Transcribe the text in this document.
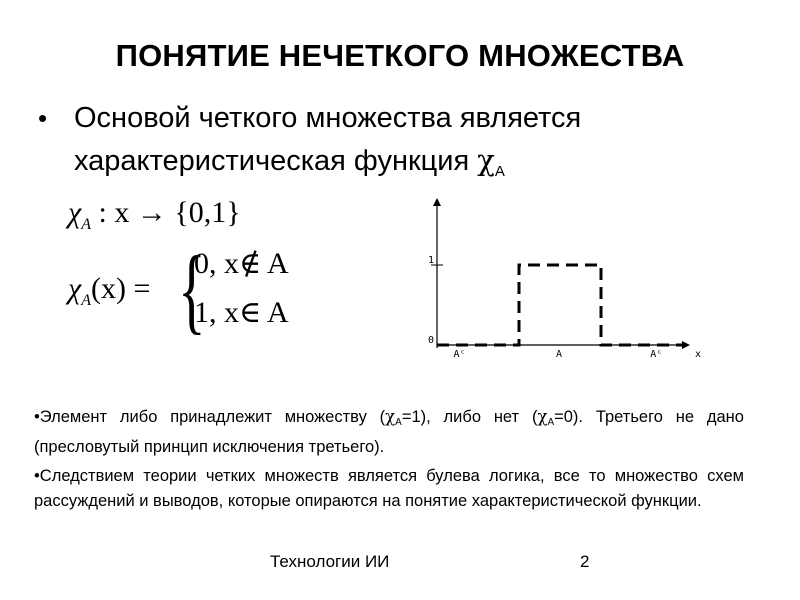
ПОНЯТИЕ НЕЧЕТКОГО МНОЖЕСТВА
• Основой четкого множества является
характеристическая функция $\chi_A$
$\chi_A$ : x → {0,1}
$\chi_A(x)$ = {
0, x∉ A
1, x∈ A
0
1
Aᶜ	A	Aᶜ	x

•Элемент либо принадлежит множеству (χA=1), либо нет (χA=0). Третьего не дано (пресловутый принцип исключения третьего).

•Следствием теории четких множеств является булева логика, все то множество схем рассуждений и выводов, которые опираются на понятие характеристической функции.

Технологии ИИ	2
